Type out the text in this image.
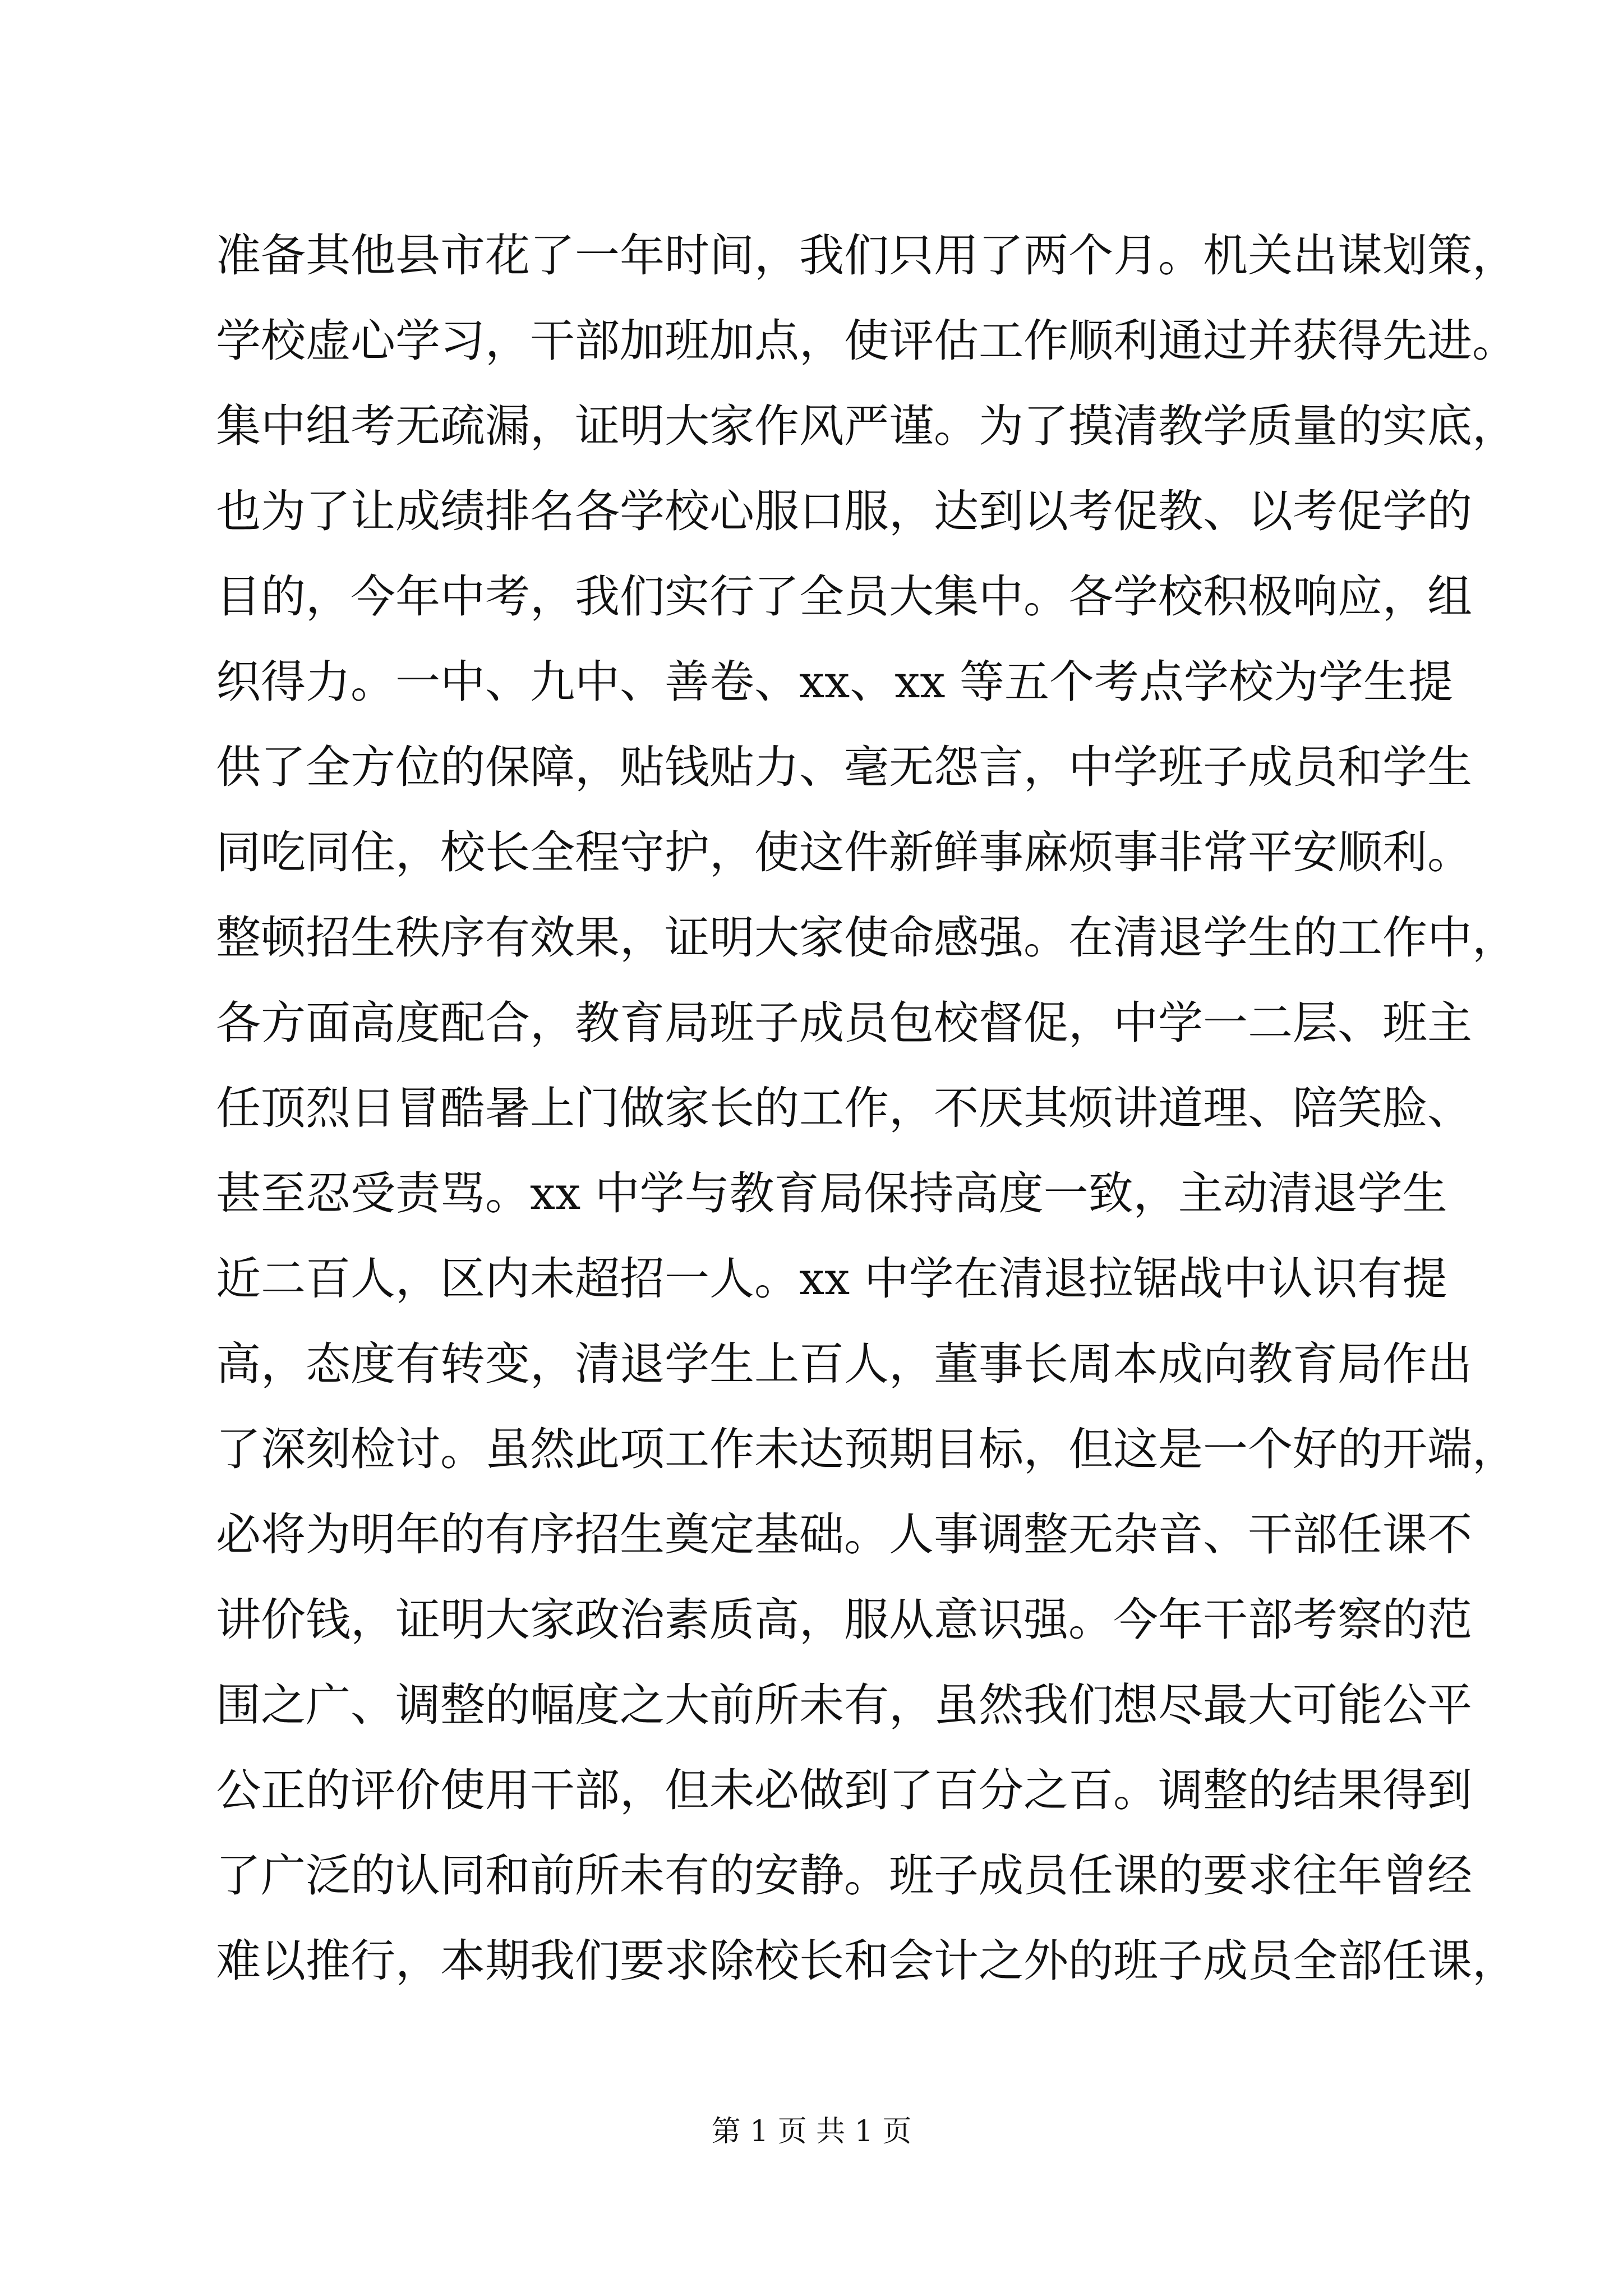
准备其他县市花了一年时间，我们只用了两个月。机关出谋划策，
学校虚心学习，干部加班加点，使评估工作顺利通过并获得先进。
集中组考无疏漏，证明大家作风严谨。为了摸清教学质量的实底，
也为了让成绩排名各学校心服口服，达到以考促教、以考促学的
目的，今年中考，我们实行了全员大集中。各学校积极响应，组
织得力。一中、九中、善卷、xx、xx 等五个考点学校为学生提
供了全方位的保障，贴钱贴力、毫无怨言，中学班子成员和学生
同吃同住，校长全程守护，使这件新鲜事麻烦事非常平安顺利。
整顿招生秩序有效果，证明大家使命感强。在清退学生的工作中，
各方面高度配合，教育局班子成员包校督促，中学一二层、班主
任顶烈日冒酷暑上门做家长的工作，不厌其烦讲道理、陪笑脸、
甚至忍受责骂。xx 中学与教育局保持高度一致，主动清退学生
近二百人，区内未超招一人。xx 中学在清退拉锯战中认识有提
高，态度有转变，清退学生上百人，董事长周本成向教育局作出
了深刻检讨。虽然此项工作未达预期目标，但这是一个好的开端，
必将为明年的有序招生奠定基础。人事调整无杂音、干部任课不
讲价钱，证明大家政治素质高，服从意识强。今年干部考察的范
围之广、调整的幅度之大前所未有，虽然我们想尽最大可能公平
公正的评价使用干部，但未必做到了百分之百。调整的结果得到
了广泛的认同和前所未有的安静。班子成员任课的要求往年曾经
难以推行，本期我们要求除校长和会计之外的班子成员全部任课，
第 1 页 共 1 页
